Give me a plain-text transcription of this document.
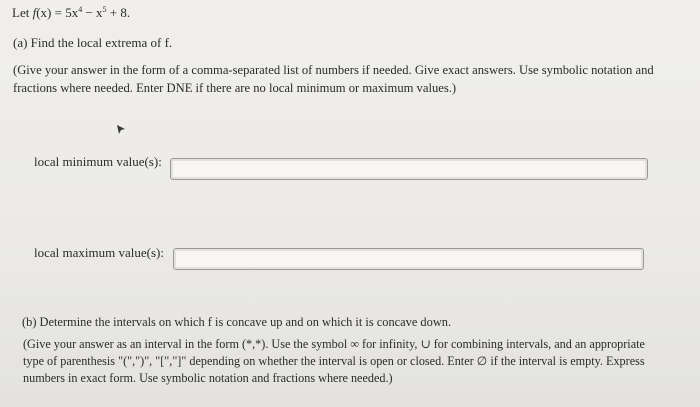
Let $f(x) = 5x^4 - x^5 + 8$.
(a) Find the local extrema of f.
(Give your answer in the form of a comma-separated list of numbers if needed. Give exact answers. Use symbolic notation and
fractions where needed. Enter DNE if there are no local minimum or maximum values.)
local minimum value(s):
local maximum value(s):
(b) Determine the intervals on which f is concave up and on which it is concave down.
(Give your answer as an interval in the form (*,*). Use the symbol ∞ for infinity, ∪ for combining intervals, and an appropriate
type of parenthesis "(",")", "[","]" depending on whether the interval is open or closed. Enter ∅ if the interval is empty. Express
numbers in exact form. Use symbolic notation and fractions where needed.)
